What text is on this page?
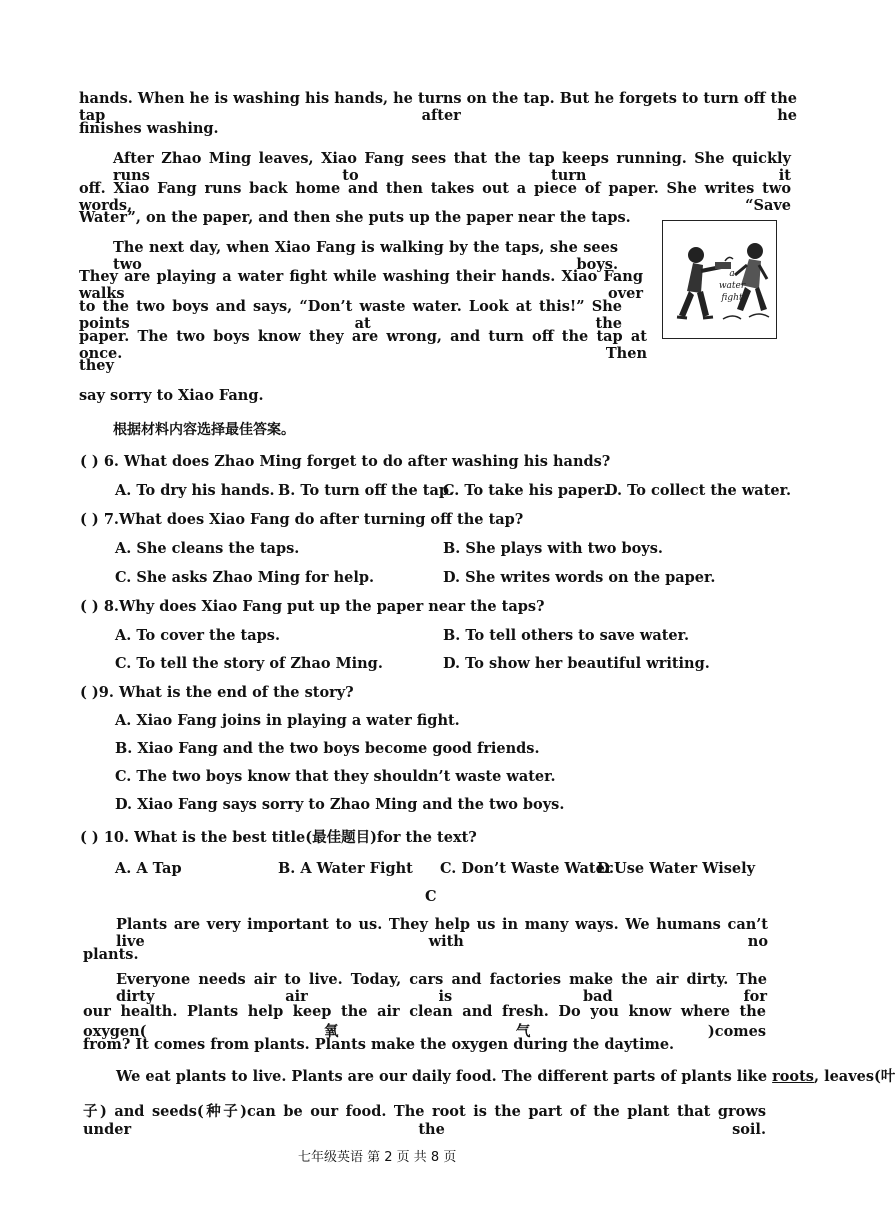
hands. When he is washing his hands, he turns on the tap. But he forgets to turn off the tap after he
finishes washing.
After Zhao Ming leaves, Xiao Fang sees that the tap keeps running. She quickly runs to turn it
off. Xiao Fang runs back home and then takes out a piece of paper. She writes two words, “Save
Water”, on the paper, and then she puts up the paper near the taps.
The next day, when Xiao Fang is walking by the taps, she sees two boys.
They are playing a water fight while washing their hands. Xiao Fang walks over
to the two boys and says, “Don’t waste water. Look at this!” She points at the
paper. The two boys know they are wrong, and turn off the tap at once. Then
they
say sorry to Xiao Fang.
a
water
fight
根据材料内容选择最佳答案。
( ) 6. What does Zhao Ming forget to do after washing his hands?
A. To dry his hands. B. To turn off the tap.
C. To take his paper.
D. To collect the water.
( ) 7.What does Xiao Fang do after turning off the tap?
A. She cleans the taps.	B. She plays with two boys.
C. She asks Zhao Ming for help.	D. She writes words on the paper.
( ) 8.Why does Xiao Fang put up the paper near the taps?
A. To cover the taps.	B. To tell others to save water.
C. To tell the story of Zhao Ming.	D. To show her beautiful writing.
( )9. What is the end of the story?
A. Xiao Fang joins in playing a water fight.
B. Xiao Fang and the two boys become good friends.
C. The two boys know that they shouldn’t waste water.
D. Xiao Fang says sorry to Zhao Ming and the two boys.
( ) 10. What is the best title(最佳题目)for the text?
A. A Tap	B. A Water Fight C. Don’t Waste Water
D.Use Water Wisely
C
Plants are very important to us. They help us in many ways. We humans can’t live with no
plants.
Everyone needs air to live. Today, cars and factories make the air dirty. The dirty air is bad for
our health. Plants help keep the air clean and fresh. Do you know where the oxygen(氧气)comes
from? It comes from plants. Plants make the oxygen during the daytime.
We eat plants to live. Plants are our daily food. The different parts of plants like roots, leaves(叶
子) and seeds(种子)can be our food. The root is the part of the plant that grows under the soil.
七年级英语 第 2 页 共 8 页
